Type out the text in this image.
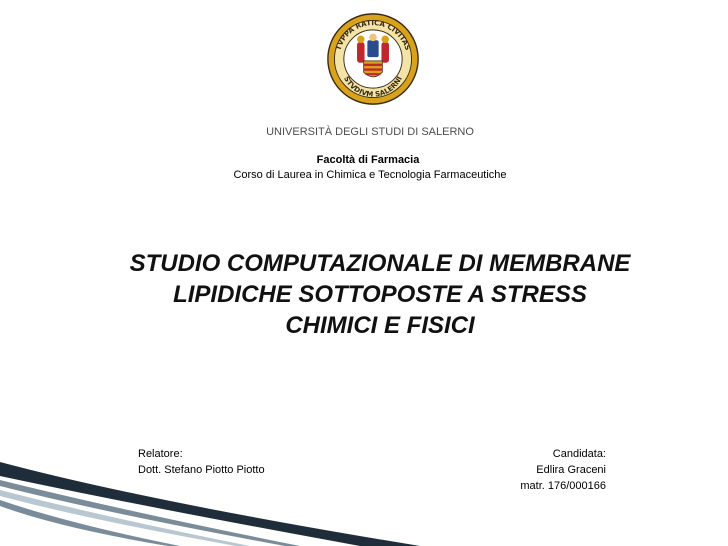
TVPPA RATICA CIVITAS
STVDIVM SALERNI
UNIVERSITÀ DEGLI STUDI DI SALERNO
Facoltà di Farmacia
Corso di Laurea in Chimica e Tecnologia Farmaceutiche
STUDIO COMPUTAZIONALE DI MEMBRANE
LIPIDICHE SOTTOPOSTE A STRESS
CHIMICI E FISICI
Relatore:
Dott. Stefano Piotto Piotto
Candidata:
Edlira Graceni
matr. 176/000166
